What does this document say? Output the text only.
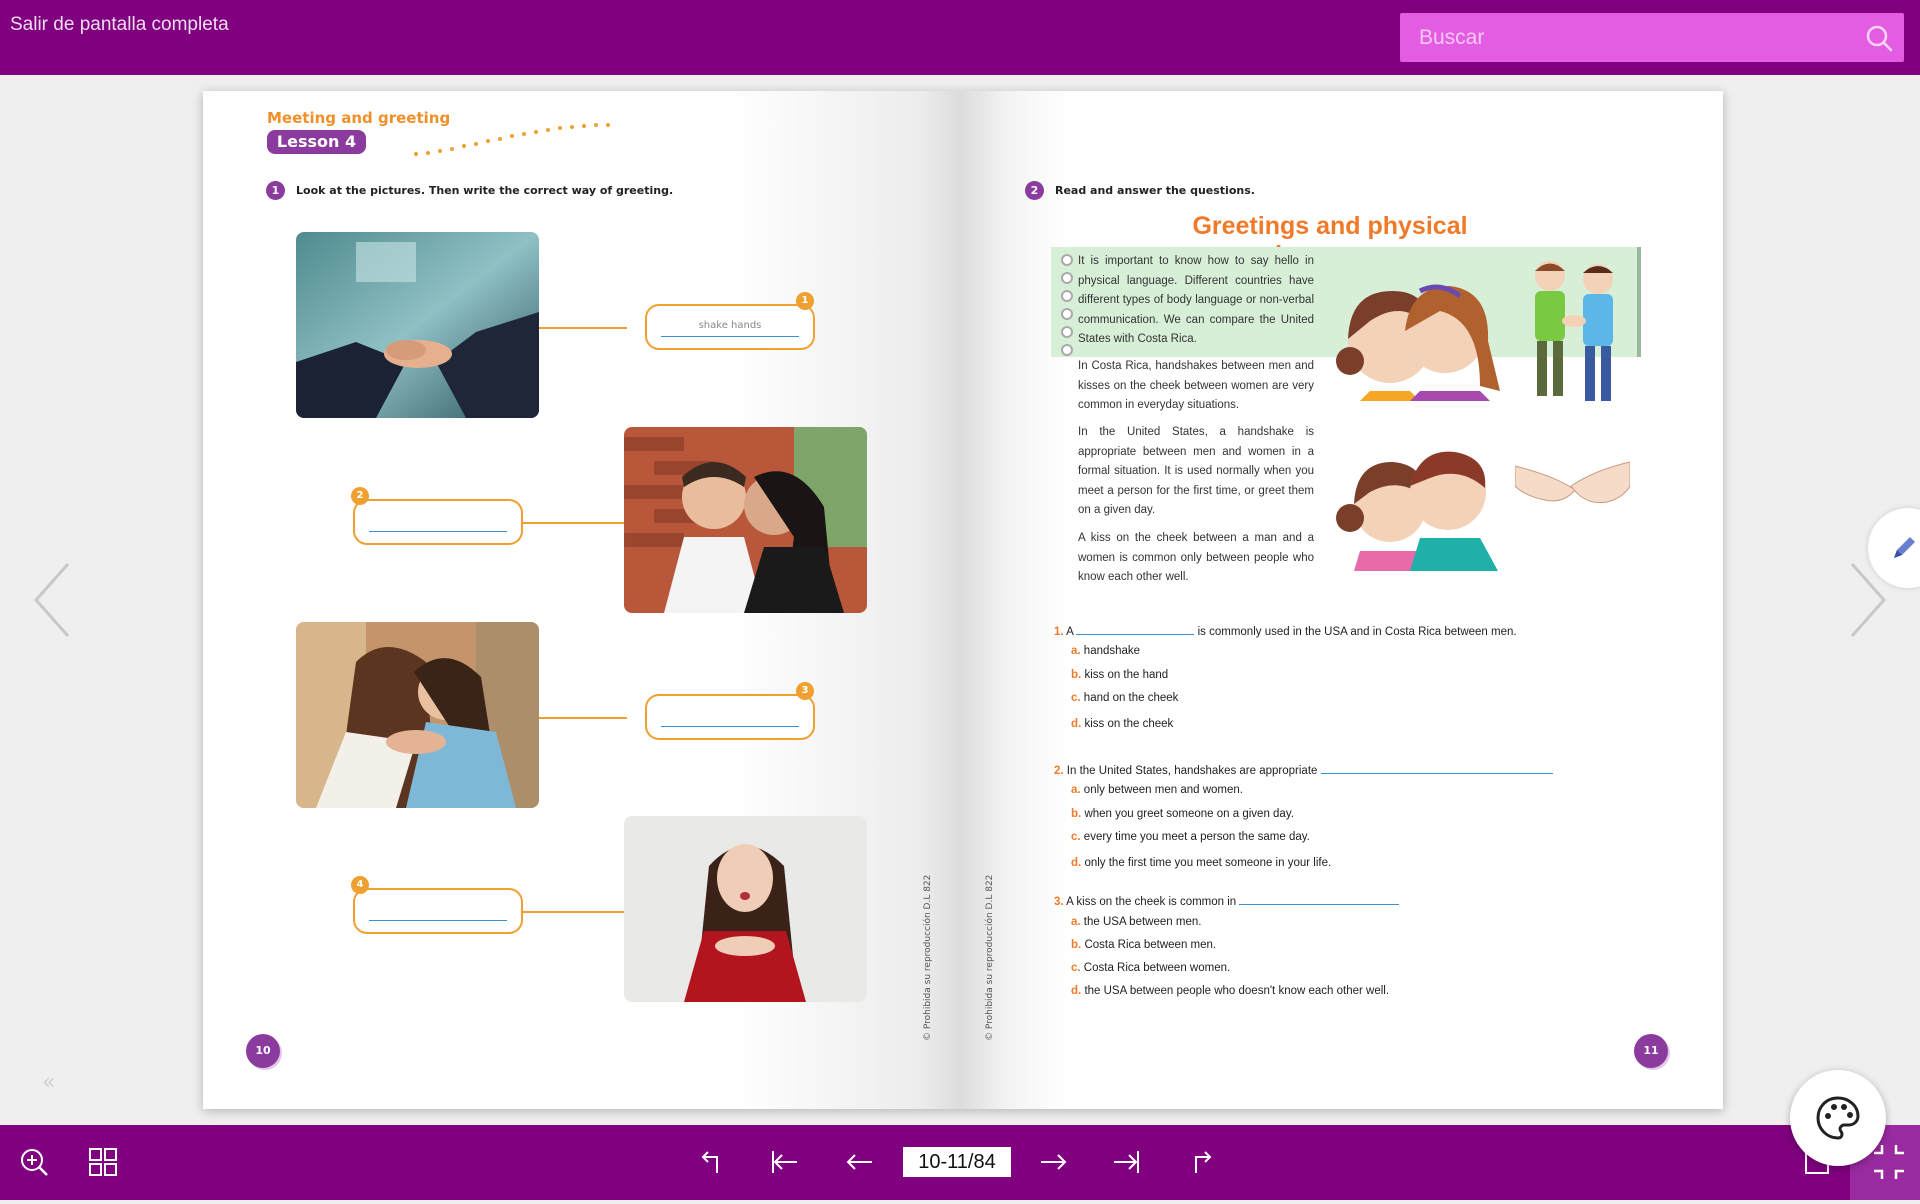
Salir de pantalla completa
Buscar
«
Meeting and greeting
Lesson 4
1	Look at the pictures. Then write the correct way of greeting.
shake hands
1
2
3
4
10
© Prohibida su reproducción D.L 822	© Prohibida su reproducción D.L 822
2	Read and answer the questions.
Greetings and physical
It is important to know how to say hello in physical language. Different countries have different types of body language or non-verbal communication. We can compare the United States with Costa Rica.
In Costa Rica, handshakes between men and kisses on the cheek between women are very common in everyday situations.
In the United States, a handshake is appropriate between men and women in a formal situation. It is used normally when you meet a person for the first time, or greet them on a given day.
A kiss on the cheek between a man and a women is common only between people who know each other well.
1. A	is commonly used in the USA and in Costa Rica between men.
2. In the United States, handshakes are appropriate
3. A kiss on the cheek is common in
a. handshake
b. kiss on the hand
c. hand on the cheek
d. kiss on the cheek
a. only between men and women.
b. when you greet someone on a given day.
c. every time you meet a person the same day.
d. only the first time you meet someone in your life.
a. the USA between men.
b. Costa Rica between men.
c. Costa Rica between women.
d. the USA between people who doesn't know each other well.
11
10-11/84
